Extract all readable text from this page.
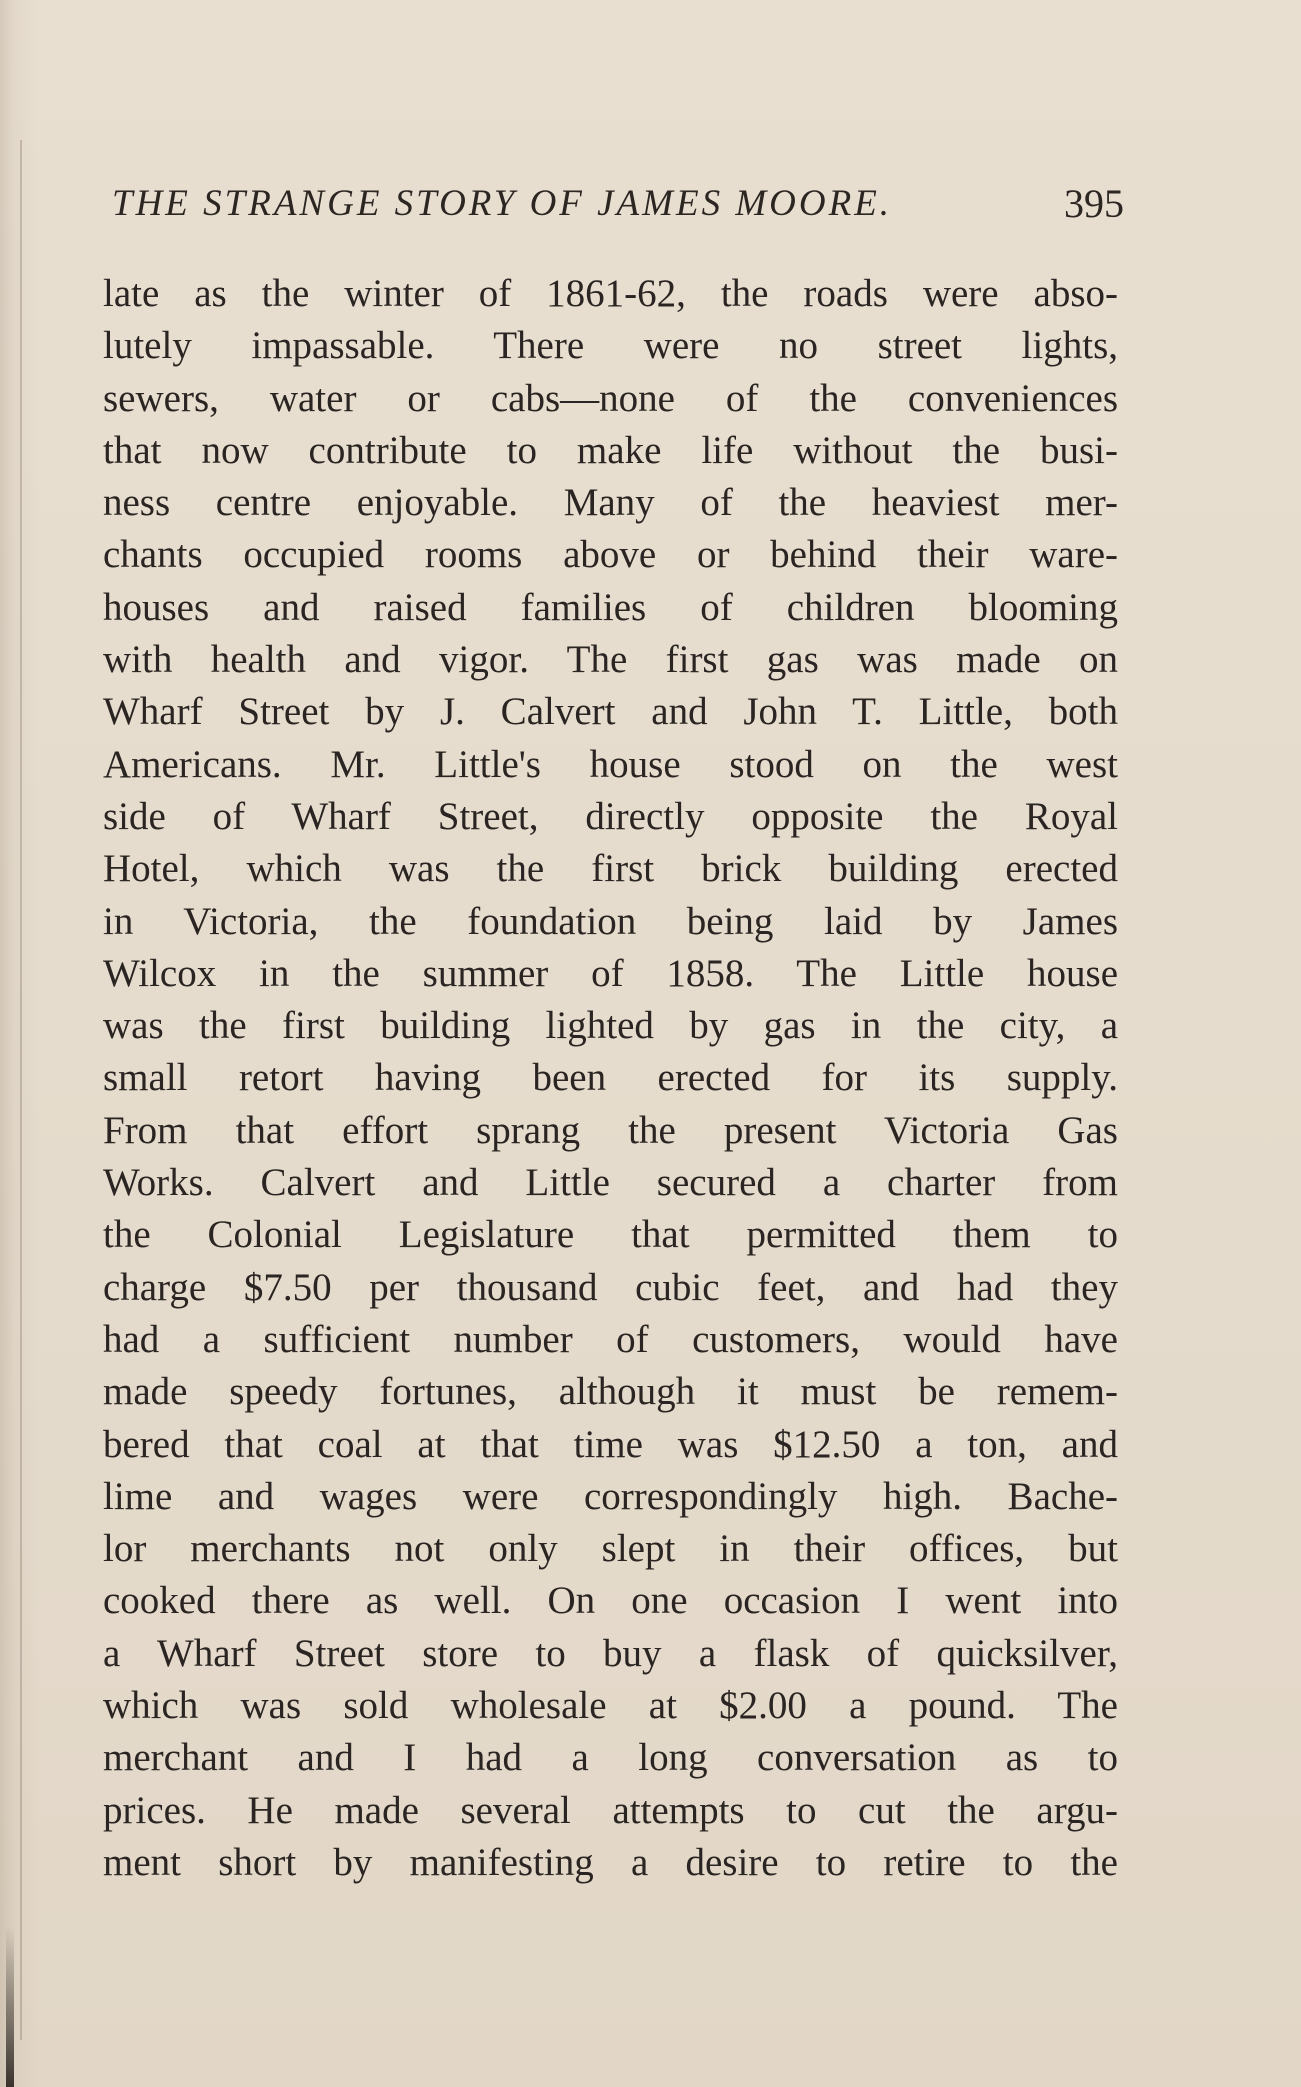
THE STRANGE STORY OF JAMES MOORE.	395
late as the winter of 1861-62, the roads were abso-
lutely impassable. There were no street lights,
sewers, water or cabs—none of the conveniences
that now contribute to make life without the busi-
ness centre enjoyable. Many of the heaviest mer-
chants occupied rooms above or behind their ware-
houses and raised families of children blooming
with health and vigor. The first gas was made on
Wharf Street by J. Calvert and John T. Little, both
Americans. Mr. Little's house stood on the west
side of Wharf Street, directly opposite the Royal
Hotel, which was the first brick building erected
in Victoria, the foundation being laid by James
Wilcox in the summer of 1858. The Little house
was the first building lighted by gas in the city, a
small retort having been erected for its supply.
From that effort sprang the present Victoria Gas
Works. Calvert and Little secured a charter from
the Colonial Legislature that permitted them to
charge $7.50 per thousand cubic feet, and had they
had a sufficient number of customers, would have
made speedy fortunes, although it must be remem-
bered that coal at that time was $12.50 a ton, and
lime and wages were correspondingly high. Bache-
lor merchants not only slept in their offices, but
cooked there as well. On one occasion I went into
a Wharf Street store to buy a flask of quicksilver,
which was sold wholesale at $2.00 a pound. The
merchant and I had a long conversation as to
prices. He made several attempts to cut the argu-
ment short by manifesting a desire to retire to the
